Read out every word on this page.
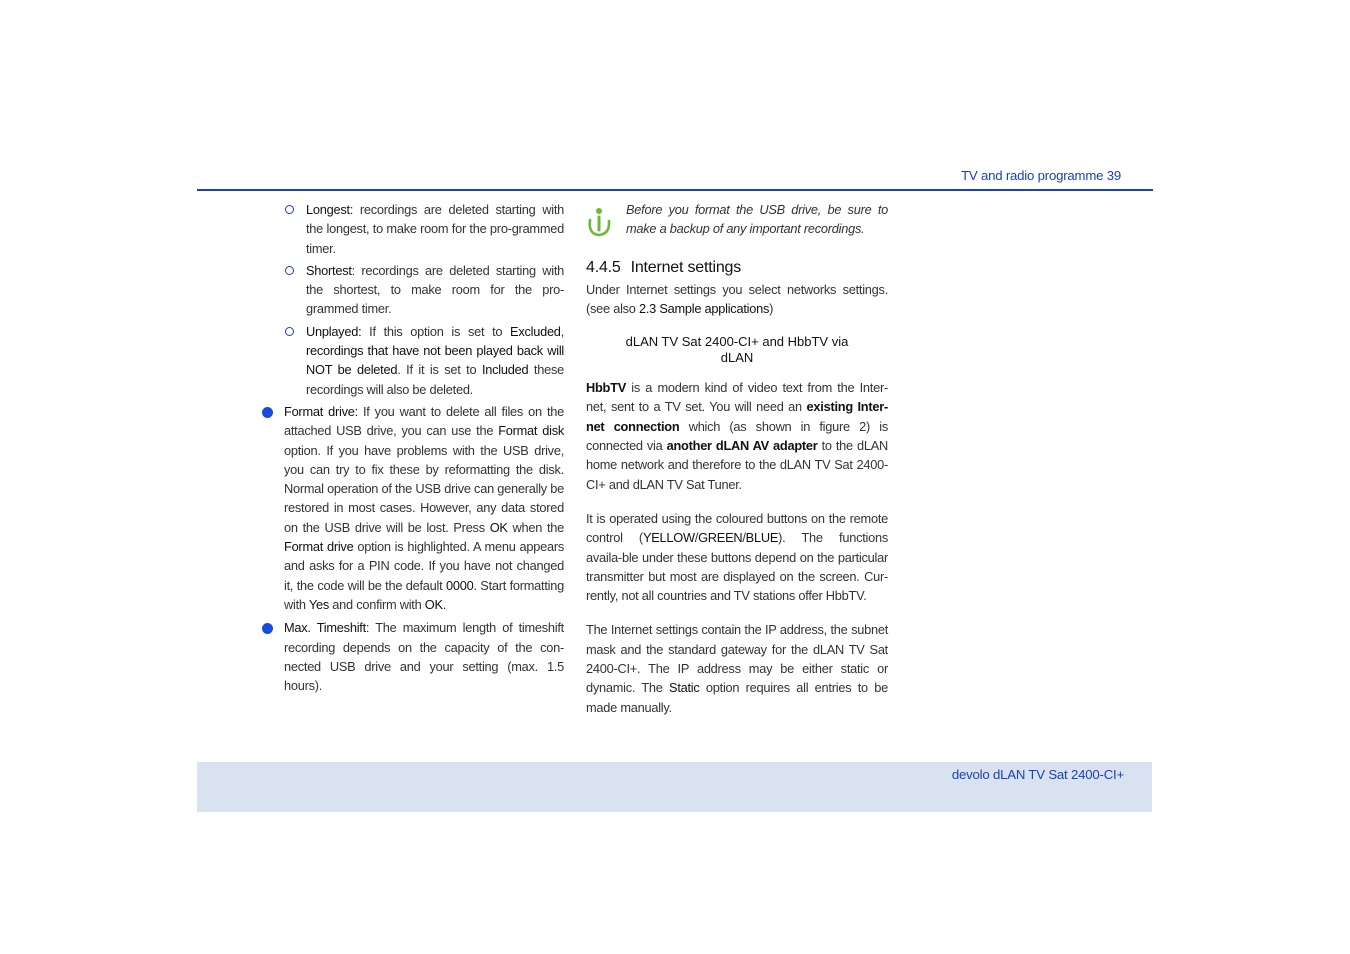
TV and radio programme 39

Longest: recordings are deleted starting with the longest, to make room for the pro-grammed timer.

Shortest: recordings are deleted starting with the shortest, to make room for the pro-grammed timer.

Unplayed: If this option is set to Excluded, recordings that have not been played back will NOT be deleted. If it is set to Included these recordings will also be deleted.

Format drive: If you want to delete all files on the attached USB drive, you can use the Format disk option. If you have problems with the USB drive, you can try to fix these by reformatting the disk. Normal operation of the USB drive can generally be restored in most cases. However, any data stored on the USB drive will be lost. Press OK when the Format drive option is highlighted. A menu appears and asks for a PIN code. If you have not changed it, the code will be the default 0000. Start formatting with Yes and confirm with OK.

Max. Timeshift: The maximum length of timeshift recording depends on the capacity of the con-nected USB drive and your setting (max. 1.5 hours).

Before you format the USB drive, be sure to make a backup of any important recordings.

4.4.5 Internet settings

Under Internet settings you select networks settings. (see also 2.3 Sample applications)

dLAN TV Sat 2400-CI+ and HbbTV via
dLAN

HbbTV is a modern kind of video text from the Inter-net, sent to a TV set. You will need an existing Inter-net connection which (as shown in figure 2) is connected via another dLAN AV adapter to the dLAN home network and therefore to the dLAN TV Sat 2400-CI+ and dLAN TV Sat Tuner.

It is operated using the coloured buttons on the remote control (YELLOW/GREEN/BLUE). The functions availa-ble under these buttons depend on the particular transmitter but most are displayed on the screen. Cur-rently, not all countries and TV stations offer HbbTV.

The Internet settings contain the IP address, the subnet mask and the standard gateway for the dLAN TV Sat 2400-CI+. The IP address may be either static or dynamic. The Static option requires all entries to be made manually.

devolo dLAN TV Sat 2400-CI+
